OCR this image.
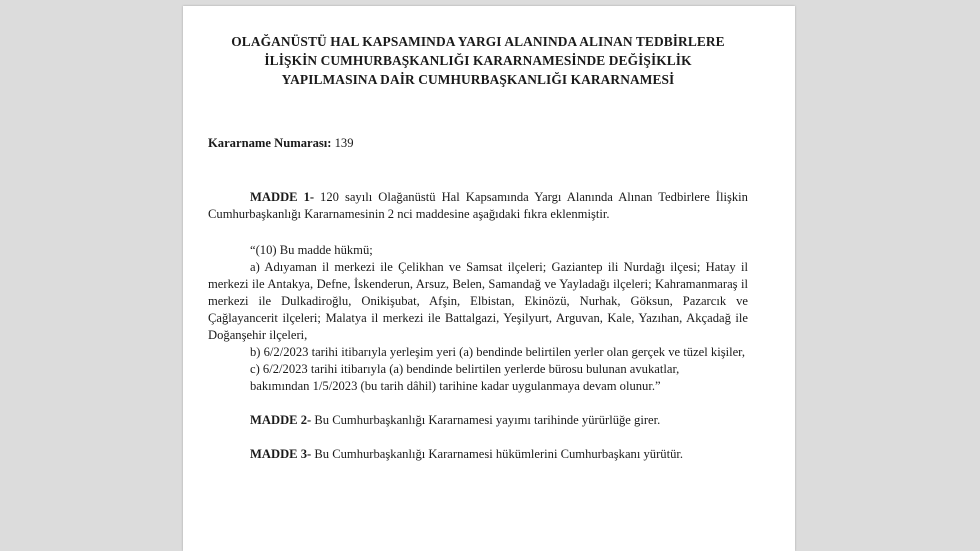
OLAĞANÜSTÜ HAL KAPSAMINDA YARGI ALANINDA ALINAN TEDBİRLERE
İLİŞKİN CUMHURBAŞKANLIĞI KARARNAMESİNDE DEĞİŞİKLİK
YAPILMASINA DAİR CUMHURBAŞKANLIĞI KARARNAMESİ
Kararname Numarası: 139

MADDE 1- 120 sayılı Olağanüstü Hal Kapsamında Yargı Alanında Alınan Tedbirlere İlişkin Cumhurbaşkanlığı Kararnamesinin 2 nci maddesine aşağıdaki fıkra eklenmiştir.

“(10) Bu madde hükmü;

a) Adıyaman il merkezi ile Çelikhan ve Samsat ilçeleri; Gaziantep ili Nurdağı ilçesi; Hatay il merkezi ile Antakya, Defne, İskenderun, Arsuz, Belen, Samandağ ve Yayladağı ilçeleri; Kahramanmaraş il merkezi ile Dulkadiroğlu, Onikişubat, Afşin, Elbistan, Ekinözü, Nurhak, Göksun, Pazarcık ve Çağlayancerit ilçeleri; Malatya il merkezi ile Battalgazi, Yeşilyurt, Arguvan, Kale, Yazıhan, Akçadağ ile Doğanşehir ilçeleri,

b) 6/2/2023 tarihi itibarıyla yerleşim yeri (a) bendinde belirtilen yerler olan gerçek ve tüzel kişiler,

c) 6/2/2023 tarihi itibarıyla (a) bendinde belirtilen yerlerde bürosu bulunan avukatlar,

bakımından 1/5/2023 (bu tarih dâhil) tarihine kadar uygulanmaya devam olunur.”

MADDE 2- Bu Cumhurbaşkanlığı Kararnamesi yayımı tarihinde yürürlüğe girer.

MADDE 3- Bu Cumhurbaşkanlığı Kararnamesi hükümlerini Cumhurbaşkanı yürütür.
